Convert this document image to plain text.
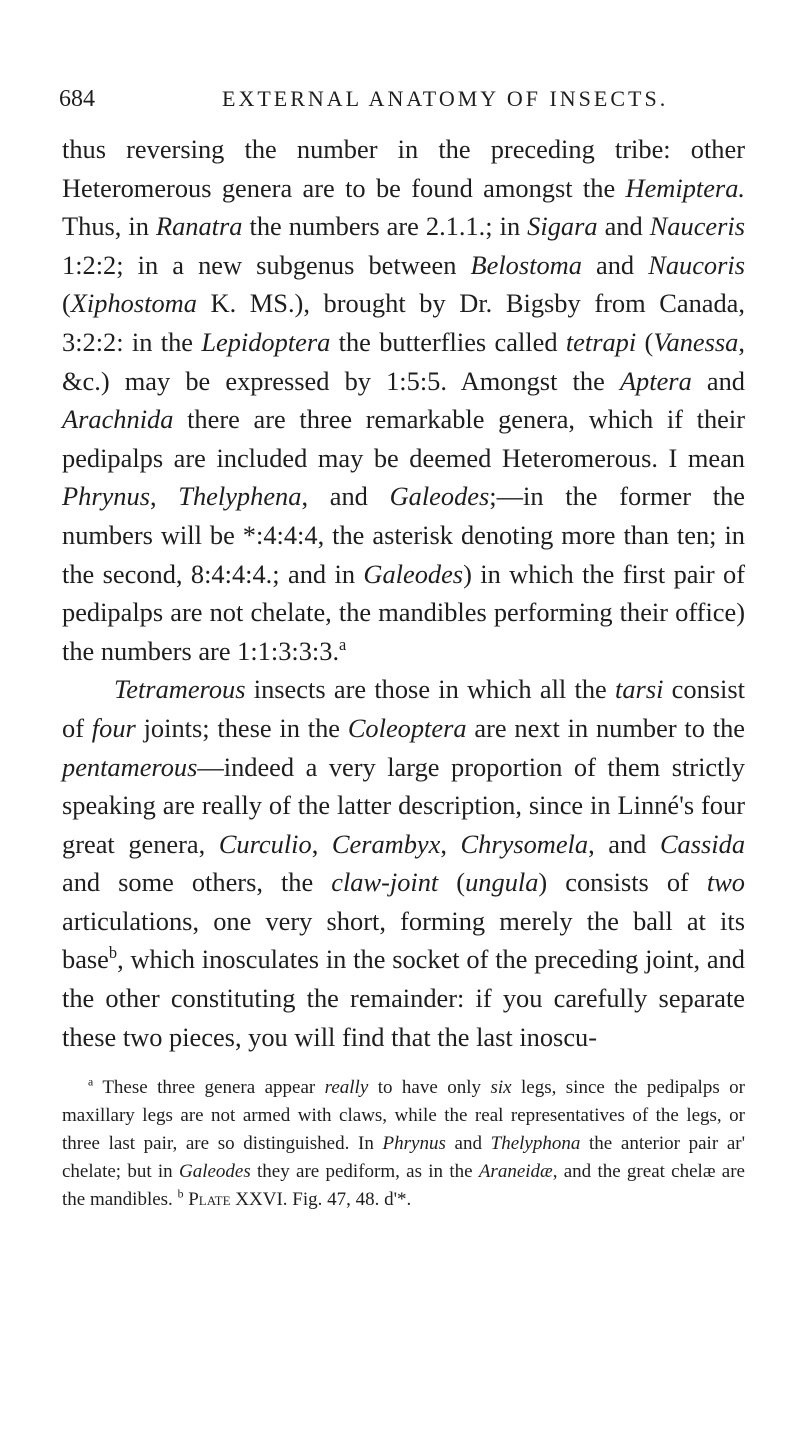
684	EXTERNAL ANATOMY OF INSECTS.

thus reversing the number in the preceding tribe: other Heteromerous genera are to be found amongst the Hemiptera. Thus, in Ranatra the numbers are 2.1.1.; in Sigara and Nauceris 1:2:2; in a new subgenus between Belostoma and Naucoris (Xiphostoma K. MS.), brought by Dr. Bigsby from Canada, 3:2:2: in the Lepidoptera the butterflies called tetrapi (Vanessa, &c.) may be expressed by 1:5:5. Amongst the Aptera and Arachnida there are three remarkable genera, which if their pedipalps are included may be deemed Heteromerous. I mean Phrynus, Thelyphena, and Galeodes;—in the former the numbers will be *:4:4:4, the asterisk denoting more than ten; in the second, 8:4:4:4.; and in Galeodes) in which the first pair of pedipalps are not chelate, the mandibles performing their office) the numbers are 1:1:3:3:3.$^a$

Tetramerous insects are those in which all the tarsi consist of four joints; these in the Coleoptera are next in number to the pentamerous—indeed a very large proportion of them strictly speaking are really of the latter description, since in Linné's four great genera, Curculio, Cerambyx, Chrysomela, and Cassida and some others, the claw-joint (ungula) consists of two articulations, one very short, forming merely the ball at its base$^b$, which inosculates in the socket of the preceding joint, and the other constituting the remainder: if you carefully separate these two pieces, you will find that the last inoscu-

$^a$ These three genera appear really to have only six legs, since the pedipalps or maxillary legs are not armed with claws, while the real representatives of the legs, or three last pair, are so distinguished. In Phrynus and Thelyphona the anterior pair ar' chelate; but in Galeodes they are pediform, as in the Araneidæ, and the great chelæ are the mandibles. $^b$ Plate XXVI. Fig. 47, 48. d'*.
